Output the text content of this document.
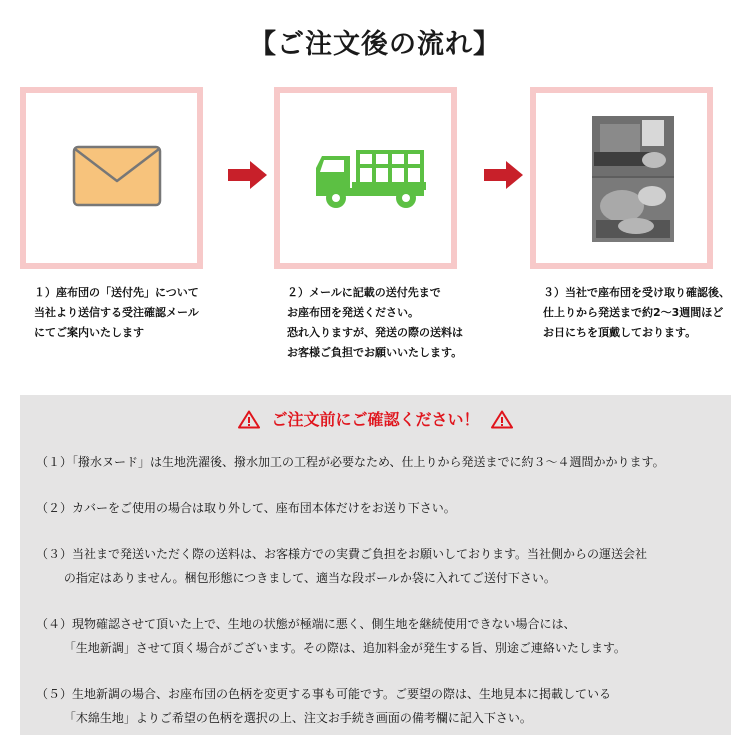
【ご注文後の流れ】
１）座布団の「送付先」について
当社より送信する受注確認メール
にてご案内いたします
２）メールに記載の送付先まで
お座布団を発送ください。
恐れ入りますが、発送の際の送料は
お客様ご負担でお願いいたします。
３）当社で座布団を受け取り確認後、
仕上りから発送まで約2〜3週間ほど
お日にちを頂戴しております。
ご注文前にご確認ください！
（１）「撥水ヌード」は生地洗濯後、撥水加工の工程が必要なため、仕上りから発送までに約３〜４週間かかります。
（２）カバーをご使用の場合は取り外して、座布団本体だけをお送り下さい。
（３）当社まで発送いただく際の送料は、お客様方での実費ご負担をお願いしております。当社側からの運送会社
　　 の指定はありません。梱包形態につきまして、適当な段ボールか袋に入れてご送付下さい。
（４）現物確認させて頂いた上で、生地の状態が極端に悪く、側生地を継続使用できない場合には、
　　 「生地新調」させて頂く場合がございます。その際は、追加料金が発生する旨、別途ご連絡いたします。
（５）生地新調の場合、お座布団の色柄を変更する事も可能です。ご要望の際は、生地見本に掲載している
　　 「木綿生地」よりご希望の色柄を選択の上、注文お手続き画面の備考欄に記入下さい。
